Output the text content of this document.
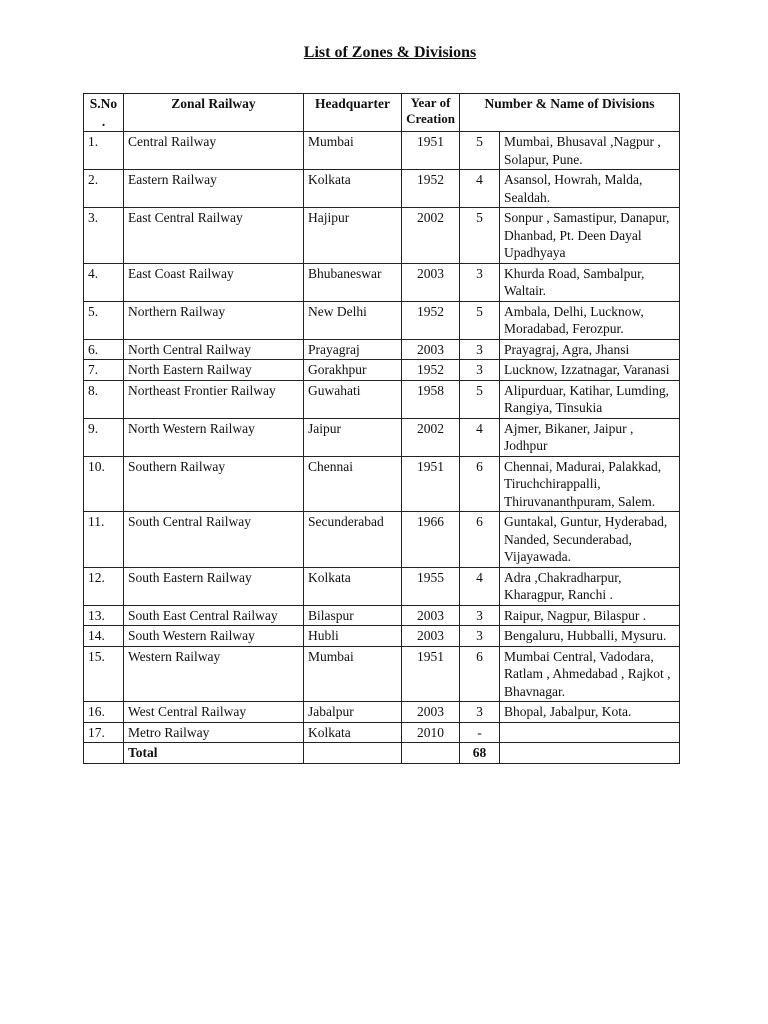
List of Zones & Divisions
S.No .	Zonal Railway	Headquarter	Year of Creation	Number & Name of Divisions	
1.	Central Railway	Mumbai	1951	5	Mumbai, Bhusaval ,Nagpur , Solapur, Pune.
2.	Eastern Railway	Kolkata	1952	4	Asansol, Howrah, Malda, Sealdah.
3.	East Central Railway	Hajipur	2002	5	Sonpur , Samastipur, Danapur, Dhanbad, Pt. Deen Dayal Upadhyaya
4.	East Coast Railway	Bhubaneswar	2003	3	Khurda Road, Sambalpur, Waltair.
5.	Northern Railway	New Delhi	1952	5	Ambala, Delhi, Lucknow, Moradabad, Ferozpur.
6.	North Central Railway	Prayagraj	2003	3	Prayagraj, Agra, Jhansi
7.	North Eastern Railway	Gorakhpur	1952	3	Lucknow, Izzatnagar, Varanasi
8.	Northeast Frontier Railway	Guwahati	1958	5	Alipurduar, Katihar, Lumding, Rangiya, Tinsukia
9.	North Western Railway	Jaipur	2002	4	Ajmer, Bikaner, Jaipur , Jodhpur
10.	Southern Railway	Chennai	1951	6	Chennai, Madurai, Palakkad, Tiruchchirappalli, Thiruvananthpuram, Salem.
11.	South Central Railway	Secunderabad	1966	6	Guntakal, Guntur, Hyderabad, Nanded, Secunderabad, Vijayawada.
12.	South Eastern Railway	Kolkata	1955	4	Adra ,Chakradharpur, Kharagpur, Ranchi .
13.	South East Central Railway	Bilaspur	2003	3	Raipur, Nagpur, Bilaspur .
14.	South Western Railway	Hubli	2003	3	Bengaluru, Hubballi, Mysuru.
15.	Western Railway	Mumbai	1951	6	Mumbai Central, Vadodara, Ratlam , Ahmedabad , Rajkot , Bhavnagar.
16.	West Central Railway	Jabalpur	2003	3	Bhopal, Jabalpur, Kota.
17.	Metro Railway	Kolkata	2010	-	
	Total			68	
